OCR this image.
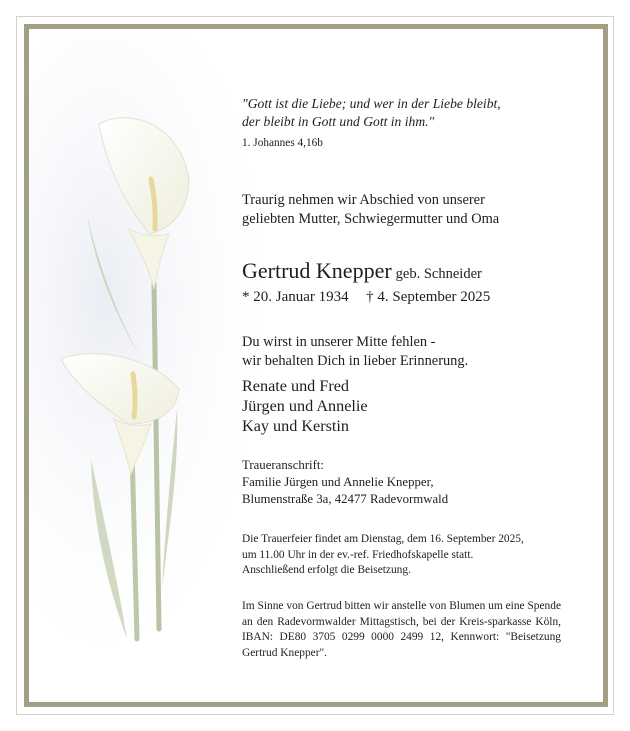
"Gott ist die Liebe; und wer in der Liebe bleibt,
der bleibt in Gott und Gott in ihm."

1. Johannes 4,16b

Traurig nehmen wir Abschied von unserer
geliebten Mutter, Schwiegermutter und Oma

Gertrud Knepper geb. Schneider

* 20. Januar 1934 † 4. September 2025

Du wirst in unserer Mitte fehlen -
wir behalten Dich in lieber Erinnerung.

Renate und Fred
Jürgen und Annelie
Kay und Kerstin

Traueranschrift:
Familie Jürgen und Annelie Knepper,
Blumenstraße 3a, 42477 Radevormwald

Die Trauerfeier findet am Dienstag, dem 16. September 2025,
um 11.00 Uhr in der ev.-ref. Friedhofskapelle statt.
Anschließend erfolgt die Beisetzung.

Im Sinne von Gertrud bitten wir anstelle von Blumen um eine Spende an den Radevormwalder Mittagstisch, bei der Kreis-sparkasse Köln, IBAN: DE80 3705 0299 0000 2499 12, Kennwort: "Beisetzung Gertrud Knepper".
